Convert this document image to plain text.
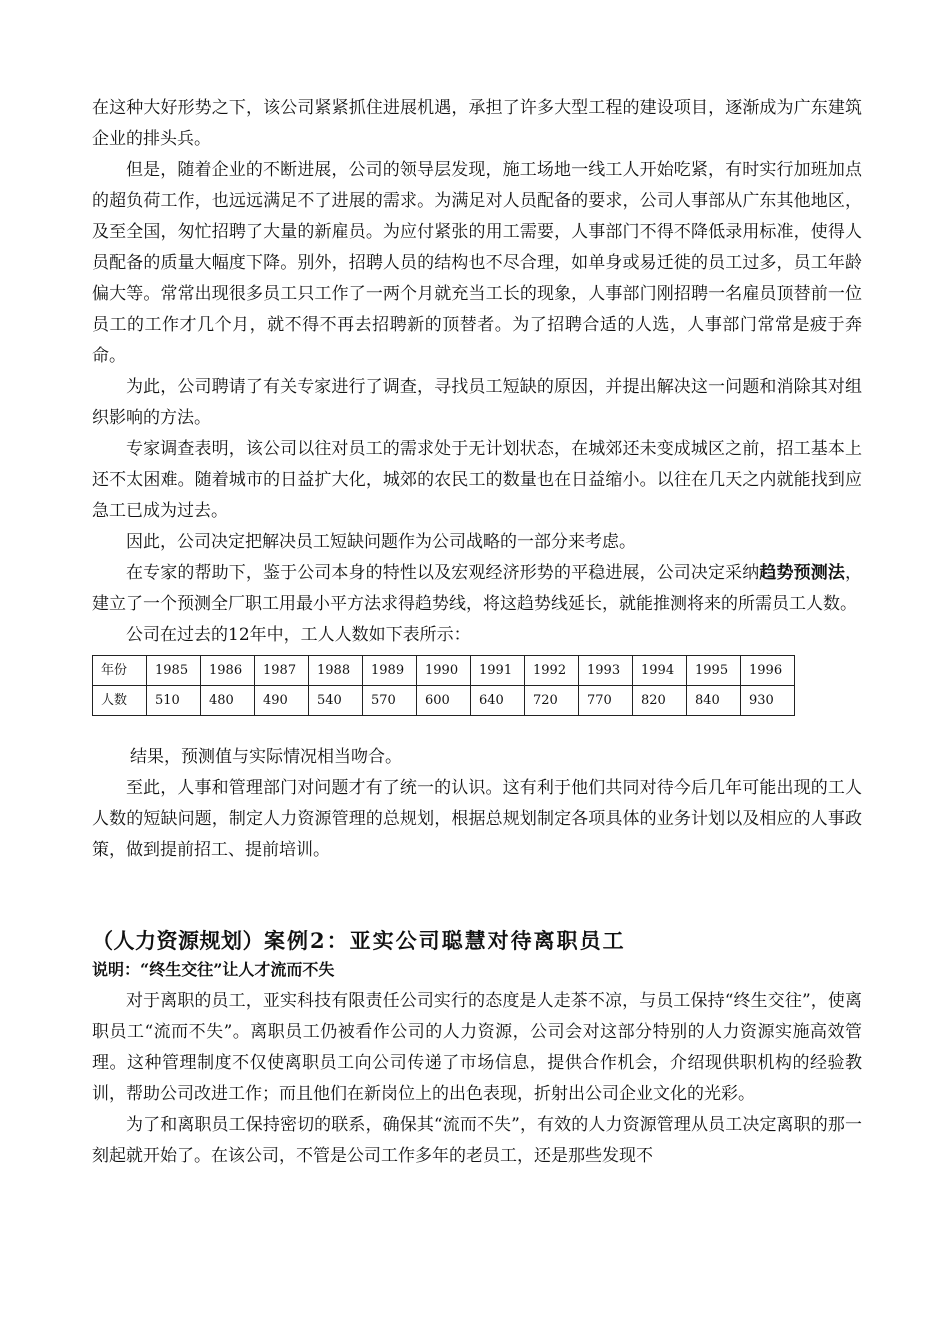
在这种大好形势之下，该公司紧紧抓住进展机遇，承担了许多大型工程的建设项目，逐渐成为广东建筑企业的排头兵。

但是，随着企业的不断进展，公司的领导层发现，施工场地一线工人开始吃紧，有时实行加班加点的超负荷工作，也远远满足不了进展的需求。为满足对人员配备的要求，公司人事部从广东其他地区，及至全国，匆忙招聘了大量的新雇员。为应付紧张的用工需要，人事部门不得不降低录用标准，使得人员配备的质量大幅度下降。别外，招聘人员的结构也不尽合理，如单身或易迁徙的员工过多，员工年龄偏大等。常常出现很多员工只工作了一两个月就充当工长的现象，人事部门刚招聘一名雇员顶替前一位员工的工作才几个月，就不得不再去招聘新的顶替者。为了招聘合适的人选，人事部门常常是疲于奔命。

为此，公司聘请了有关专家进行了调查，寻找员工短缺的原因，并提出解决这一问题和消除其对组织影响的方法。

专家调查表明，该公司以往对员工的需求处于无计划状态，在城郊还未变成城区之前，招工基本上还不太困难。随着城市的日益扩大化，城郊的农民工的数量也在日益缩小。以往在几天之内就能找到应急工已成为过去。

因此，公司决定把解决员工短缺问题作为公司战略的一部分来考虑。

在专家的帮助下，鉴于公司本身的特性以及宏观经济形势的平稳进展，公司决定采纳趋势预测法，建立了一个预测全厂职工用最小平方法求得趋势线，将这趋势线延长，就能推测将来的所需员工人数。

公司在过去的12年中，工人人数如下表所示：

年份	1985	1986	1987	1988	1989	1990	1991	1992	1993	1994	1995	1996
人数	510	480	490	540	570	600	640	720	770	820	840	930

结果，预测值与实际情况相当吻合。

至此，人事和管理部门对问题才有了统一的认识。这有利于他们共同对待今后几年可能出现的工人人数的短缺问题，制定人力资源管理的总规划，根据总规划制定各项具体的业务计划以及相应的人事政策，做到提前招工、提前培训。

（人力资源规划）案例2：亚实公司聪慧对待离职员工

说明：“终生交往”让人才流而不失

对于离职的员工，亚实科技有限责任公司实行的态度是人走茶不凉，与员工保持“终生交往”，使离职员工“流而不失”。离职员工仍被看作公司的人力资源，公司会对这部分特别的人力资源实施高效管理。这种管理制度不仅使离职员工向公司传递了市场信息，提供合作机会，介绍现供职机构的经验教训，帮助公司改进工作；而且他们在新岗位上的出色表现，折射出公司企业文化的光彩。

为了和离职员工保持密切的联系，确保其“流而不失”，有效的人力资源管理从员工决定离职的那一刻起就开始了。在该公司，不管是公司工作多年的老员工，还是那些发现不
